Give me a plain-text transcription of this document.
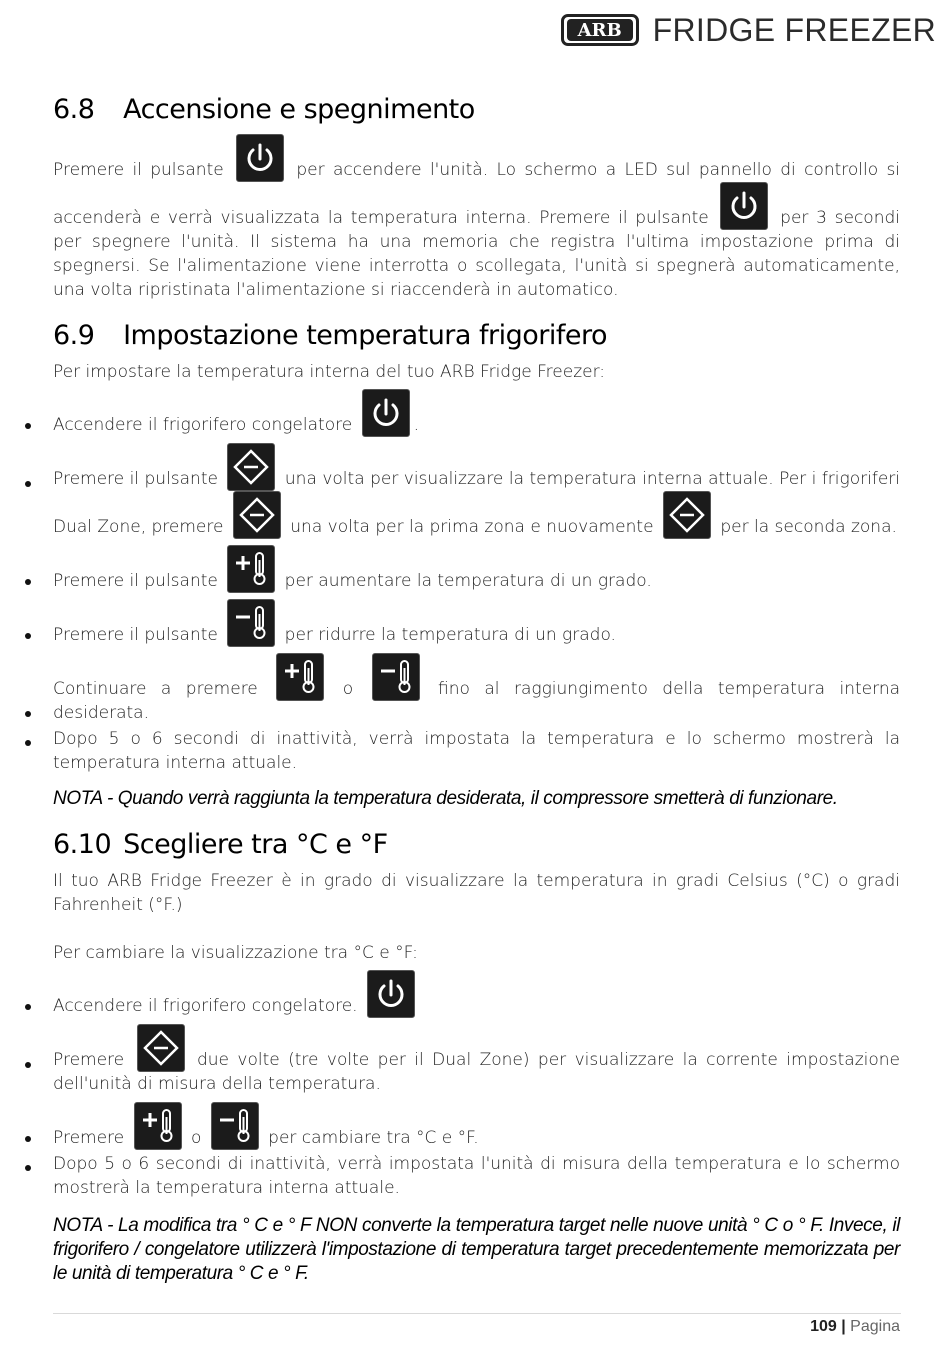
ARB FRIDGE FREEZER
6.8 Accensione e spegnimento

Premere il pulsante	per accendere l'unità. Lo schermo a LED sul pannello di controllo si accenderà e verrà visualizzata la temperatura interna. Premere il pulsante	per 3 secondi per spegnere l'unità. Il sistema ha una memoria che registra l'ultima impostazione prima di spegnersi. Se l'alimentazione viene interrotta o scollegata, l'unità si spegnerà automaticamente, una volta ripristinata l'alimentazione si riaccenderà in automatico.

6.9 Impostazione temperatura frigorifero

Per impostare la temperatura interna del tuo ARB Fridge Freezer:

Accendere il frigorifero congelatore	.
Premere il pulsante	una volta per visualizzare la temperatura interna attuale. Per i frigoriferi Dual Zone, premere	una volta per la prima zona e nuovamente	per la seconda zona.
Premere il pulsante	per aumentare la temperatura di un grado.
Premere il pulsante	per ridurre la temperatura di un grado.
Continuare a premere	o	fino al raggiungimento della temperatura interna desiderata.
Dopo 5 o 6 secondi di inattività, verrà impostata la temperatura e lo schermo mostrerà la temperatura interna attuale.

NOTA - Quando verrà raggiunta la temperatura desiderata, il compressore smetterà di funzionare.

6.10 Scegliere tra °C e °F

Il tuo ARB Fridge Freezer è in grado di visualizzare la temperatura in gradi Celsius (°C) o gradi Fahrenheit (°F.)

Per cambiare la visualizzazione tra °C e °F:

Accendere il frigorifero congelatore.
Premere	due volte (tre volte per il Dual Zone) per visualizzare la corrente impostazione dell'unità di misura della temperatura.
Premere	o	per cambiare tra °C e °F.
Dopo 5 o 6 secondi di inattività, verrà impostata l'unità di misura della temperatura e lo schermo mostrerà la temperatura interna attuale.

NOTA - La modifica tra ° C e ° F NON converte la temperatura target nelle nuove unità ° C o ° F. Invece, il frigorifero / congelatore utilizzerà l'impostazione di temperatura target precedentemente memorizzata per le unità di temperatura ° C e ° F.

109 | Pagina
